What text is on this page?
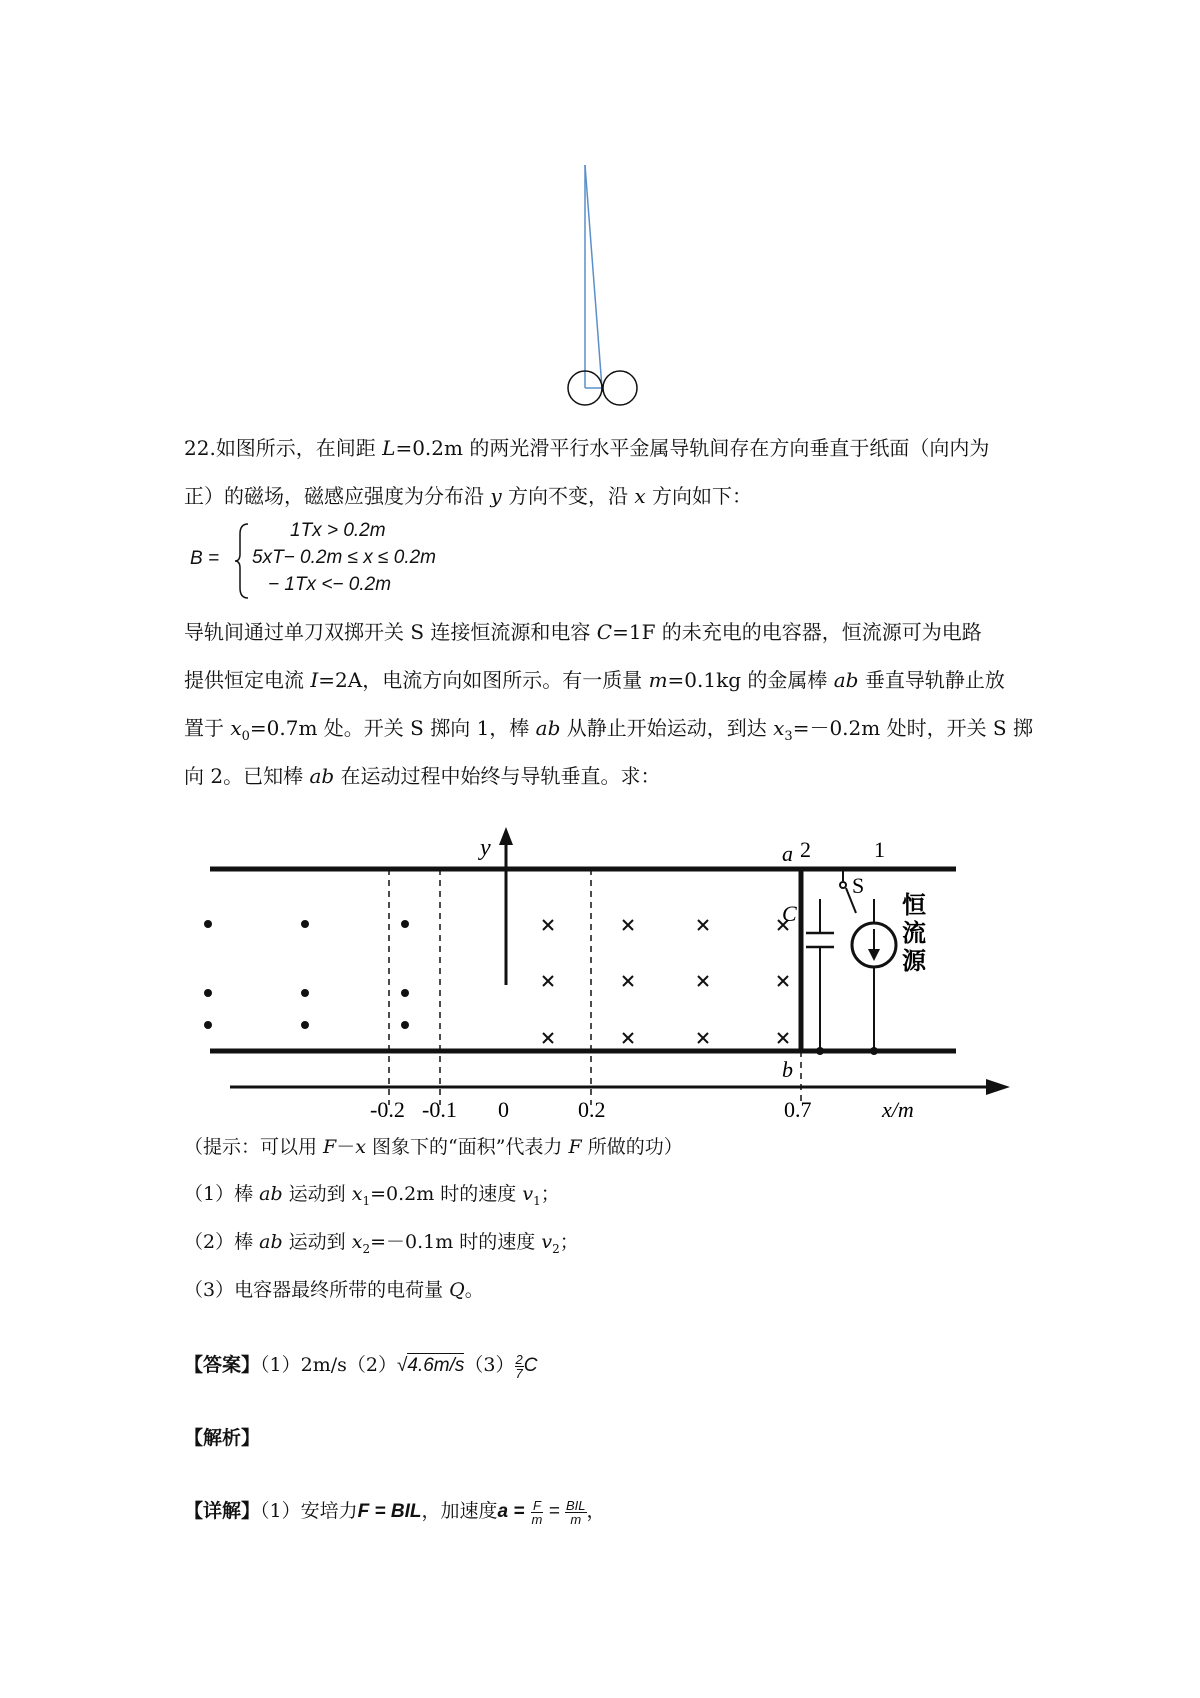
22.如图所示，在间距 L=0.2m 的两光滑平行水平金属导轨间存在方向垂直于纸面（向内为
正）的磁场，磁感应强度为分布沿 y 方向不变，沿 x 方向如下：
B =
1Tx > 0.2m
5xT− 0.2m ≤ x ≤ 0.2m
− 1Tx <− 0.2m
导轨间通过单刀双掷开关 S 连接恒流源和电容 C=1F 的未充电的电容器，恒流源可为电路
提供恒定电流 I=2A，电流方向如图所示。有一质量 m=0.1kg 的金属棒 ab 垂直导轨静止放
置于 $x_0=0.7m$ 处。开关 S 掷向 1，棒 ab 从静止开始运动，到达 $x_3=-0.2m$ 处时，开关 S 掷
向 2。已知棒 ab 在运动过程中始终与导轨垂直。求：
y	a
b
S
1
2
C	恒
流
源
-0.2 -0.1 0	0.2	0.7	x/m
（提示：可以用 F－x 图象下的“面积”代表力 F 所做的功）
（1）棒 ab 运动到 $x_1=0.2m$ 时的速度 $v_1$；
（2）棒 ab 运动到 $x_2=-0.1m$ 时的速度 $v_2$；
（3）电容器最终所带的电荷量 Q。
【答案】$(1)2m/s(2)√4.6m/s(3) \frac{2}{7}$ C
【解析】
【详解】（1）安培力F = BIL，加速度$a = \frac{F}{m} = \frac{\text{BIL}}{m}$ ，
